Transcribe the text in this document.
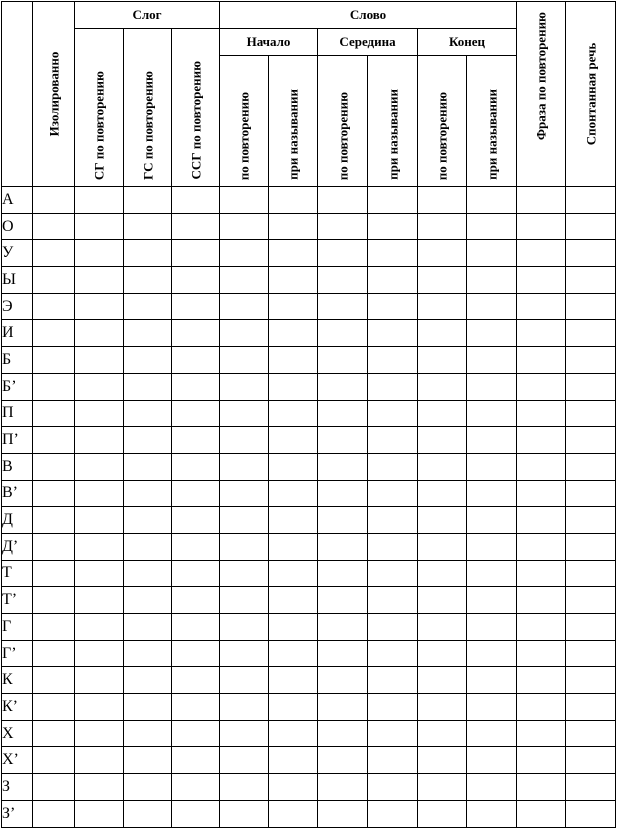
	Изолированно	Слог			Слово						Фраза по повторению	Спонтанная речь

		СГ по повторению	ГС по повторению	ССГ по повторению	Начало		Середина		Конец			

					по повторению	при назывании	по повторению	при назывании	по повторению	при назывании		

А												
О												
У												
Ы												
Э												
И												
Б												
Б’												
П												
П’												
В												
В’												
Д												
Д’												
Т												
Т’												
Г												
Г’												
К												
К’												
Х												
Х’												
З												
З’												
